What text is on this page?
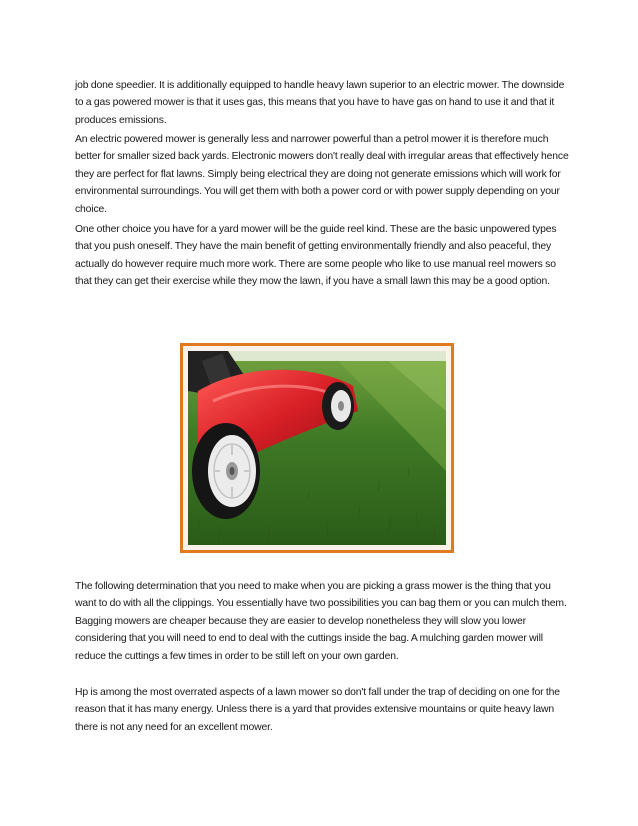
job done speedier. It is additionally equipped to handle heavy lawn superior to an electric mower. The downside to a gas powered mower is that it uses gas, this means that you have to have gas on hand to use it and that it produces emissions.

An electric powered mower is generally less and narrower powerful than a petrol mower it is therefore much better for smaller sized back yards. Electronic mowers don't really deal with irregular areas that effectively hence they are perfect for flat lawns. Simply being electrical they are doing not generate emissions which will work for environmental surroundings. You will get them with both a power cord or with power supply depending on your choice.

One other choice you have for a yard mower will be the guide reel kind. These are the basic unpowered types that you push oneself. They have the main benefit of getting environmentally friendly and also peaceful, they actually do however require much more work. There are some people who like to use manual reel mowers so that they can get their exercise while they mow the lawn, if you have a small lawn this may be a good option.

The following determination that you need to make when you are picking a grass mower is the thing that you want to do with all the clippings. You essentially have two possibilities you can bag them or you can mulch them. Bagging mowers are cheaper because they are easier to develop nonetheless they will slow you lower considering that you will need to end to deal with the cuttings inside the bag. A mulching garden mower will reduce the cuttings a few times in order to be still left on your own garden.

Hp is among the most overrated aspects of a lawn mower so don't fall under the trap of deciding on one for the reason that it has many energy. Unless there is a yard that provides extensive mountains or quite heavy lawn there is not any need for an excellent mower.
